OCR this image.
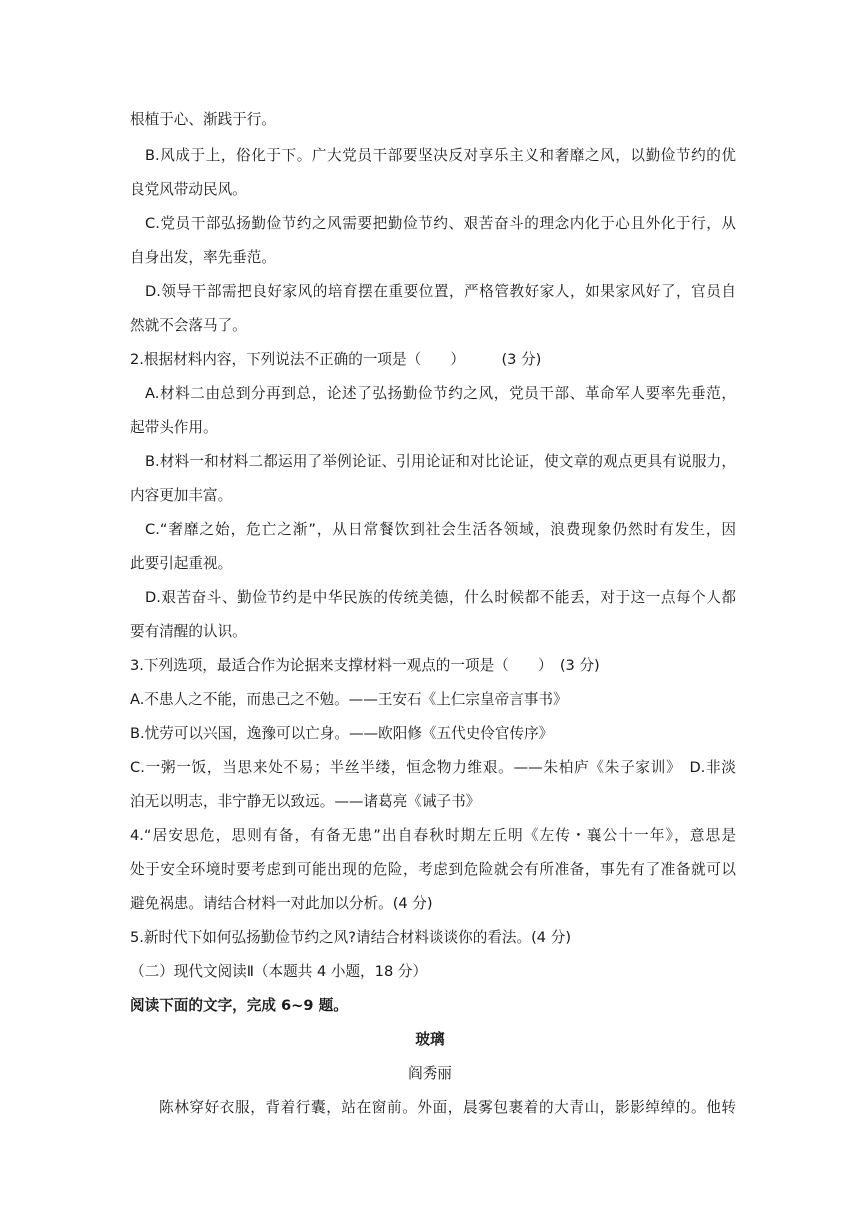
根植于心、渐践于行。
B.风成于上，俗化于下。广大党员干部要坚决反对享乐主义和奢靡之风，以勤俭节约的优
良党风带动民风。
C.党员干部弘扬勤俭节约之风需要把勤俭节约、艰苦奋斗的理念内化于心且外化于行，从
自身出发，率先垂范。
D.领导干部需把良好家风的培育摆在重要位置，严格管教好家人，如果家风好了，官员自
然就不会落马了。
2.根据材料内容，下列说法不正确的一项是（　　）　　　(3 分)
A.材料二由总到分再到总，论述了弘扬勤俭节约之风，党员干部、革命军人要率先垂范，
起带头作用。
B.材料一和材料二都运用了举例论证、引用论证和对比论证，使文章的观点更具有说服力，
内容更加丰富。
C.“奢靡之始，危亡之渐”，从日常餐饮到社会生活各领域，浪费现象仍然时有发生，因
此要引起重视。
D.艰苦奋斗、勤俭节约是中华民族的传统美德，什么时候都不能丢，对于这一点每个人都
要有清醒的认识。
3.下列选项，最适合作为论据来支撑材料一观点的一项是（　　）　(3 分)
A.不患人之不能，而患己之不勉。——王安石《上仁宗皇帝言事书》
B.忧劳可以兴国，逸豫可以亡身。——欧阳修《五代史伶官传序》
C.一粥一饭，当思来处不易；半丝半缕，恒念物力维艰。——朱柏庐《朱子家训》　D.非淡
泊无以明志，非宁静无以致远。——诸葛亮《诫子书》
4.“居安思危，思则有备，有备无患”出自春秋时期左丘明《左传・襄公十一年》，意思是
处于安全环境时要考虑到可能出现的危险，考虑到危险就会有所准备，事先有了准备就可以
避免祸患。请结合材料一对此加以分析。(4 分)
5.新时代下如何弘扬勤俭节约之风?请结合材料谈谈你的看法。(4 分)
（二）现代文阅读Ⅱ（本题共 4 小题，18 分）
阅读下面的文字，完成 6~9 题。
玻璃
阎秀丽
陈林穿好衣服，背着行囊，站在窗前。外面，晨雾包裹着的大青山，影影绰绰的。他转
